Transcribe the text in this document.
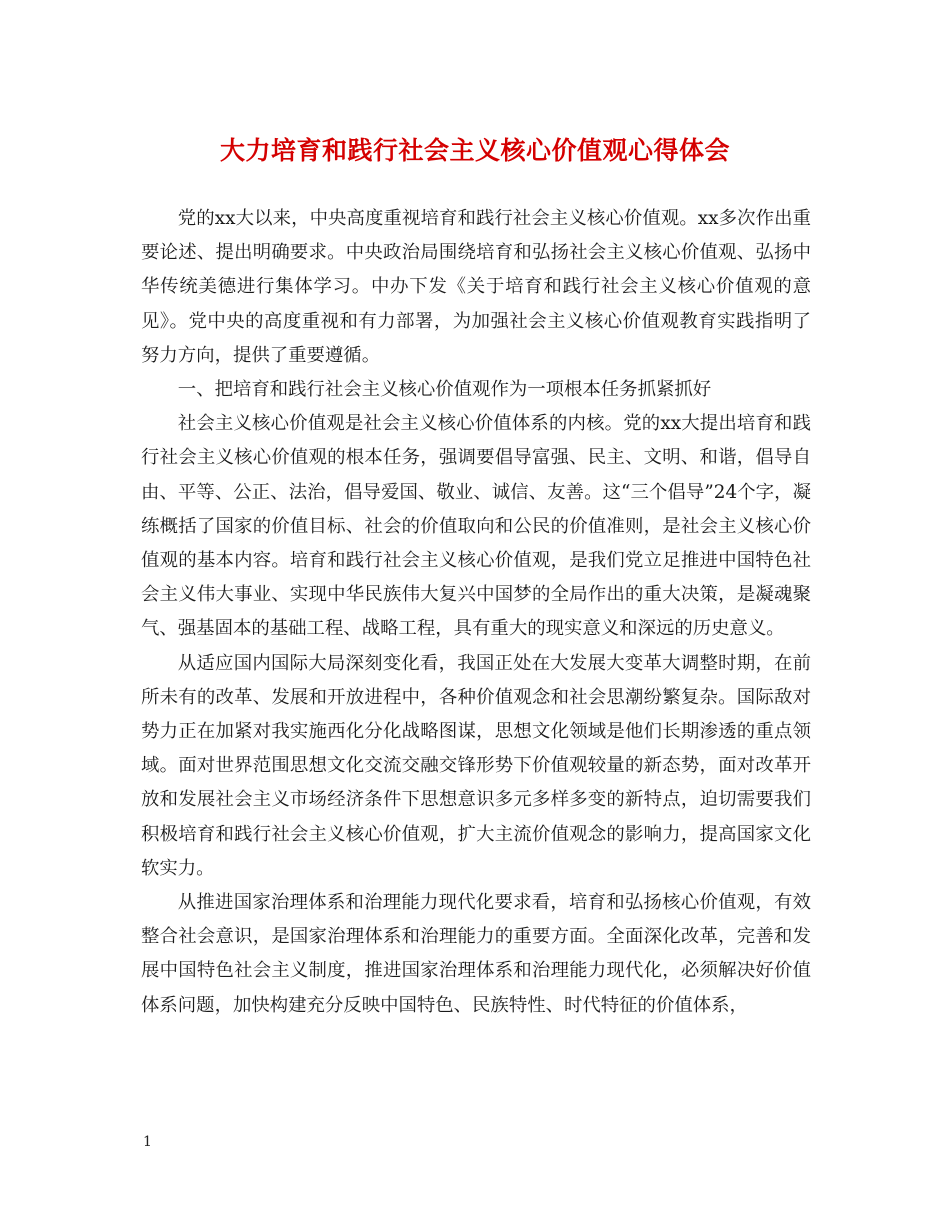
大力培育和践行社会主义核心价值观心得体会

党的xx大以来，中央高度重视培育和践行社会主义核心价值观。xx多次作出重要论述、提出明确要求。中央政治局围绕培育和弘扬社会主义核心价值观、弘扬中华传统美德进行集体学习。中办下发《关于培育和践行社会主义核心价值观的意见》。党中央的高度重视和有力部署，为加强社会主义核心价值观教育实践指明了努力方向，提供了重要遵循。

一、把培育和践行社会主义核心价值观作为一项根本任务抓紧抓好

社会主义核心价值观是社会主义核心价值体系的内核。党的xx大提出培育和践行社会主义核心价值观的根本任务，强调要倡导富强、民主、文明、和谐，倡导自由、平等、公正、法治，倡导爱国、敬业、诚信、友善。这“三个倡导”24个字，凝练概括了国家的价值目标、社会的价值取向和公民的价值准则，是社会主义核心价值观的基本内容。培育和践行社会主义核心价值观，是我们党立足推进中国特色社会主义伟大事业、实现中华民族伟大复兴中国梦的全局作出的重大决策，是凝魂聚气、强基固本的基础工程、战略工程，具有重大的现实意义和深远的历史意义。

从适应国内国际大局深刻变化看，我国正处在大发展大变革大调整时期，在前所未有的改革、发展和开放进程中，各种价值观念和社会思潮纷繁复杂。国际敌对势力正在加紧对我实施西化分化战略图谋，思想文化领域是他们长期渗透的重点领域。面对世界范围思想文化交流交融交锋形势下价值观较量的新态势，面对改革开放和发展社会主义市场经济条件下思想意识多元多样多变的新特点，迫切需要我们积极培育和践行社会主义核心价值观，扩大主流价值观念的影响力，提高国家文化软实力。

从推进国家治理体系和治理能力现代化要求看，培育和弘扬核心价值观，有效整合社会意识，是国家治理体系和治理能力的重要方面。全面深化改革，完善和发展中国特色社会主义制度，推进国家治理体系和治理能力现代化，必须解决好价值体系问题，加快构建充分反映中国特色、民族特性、时代特征的价值体系，

1
